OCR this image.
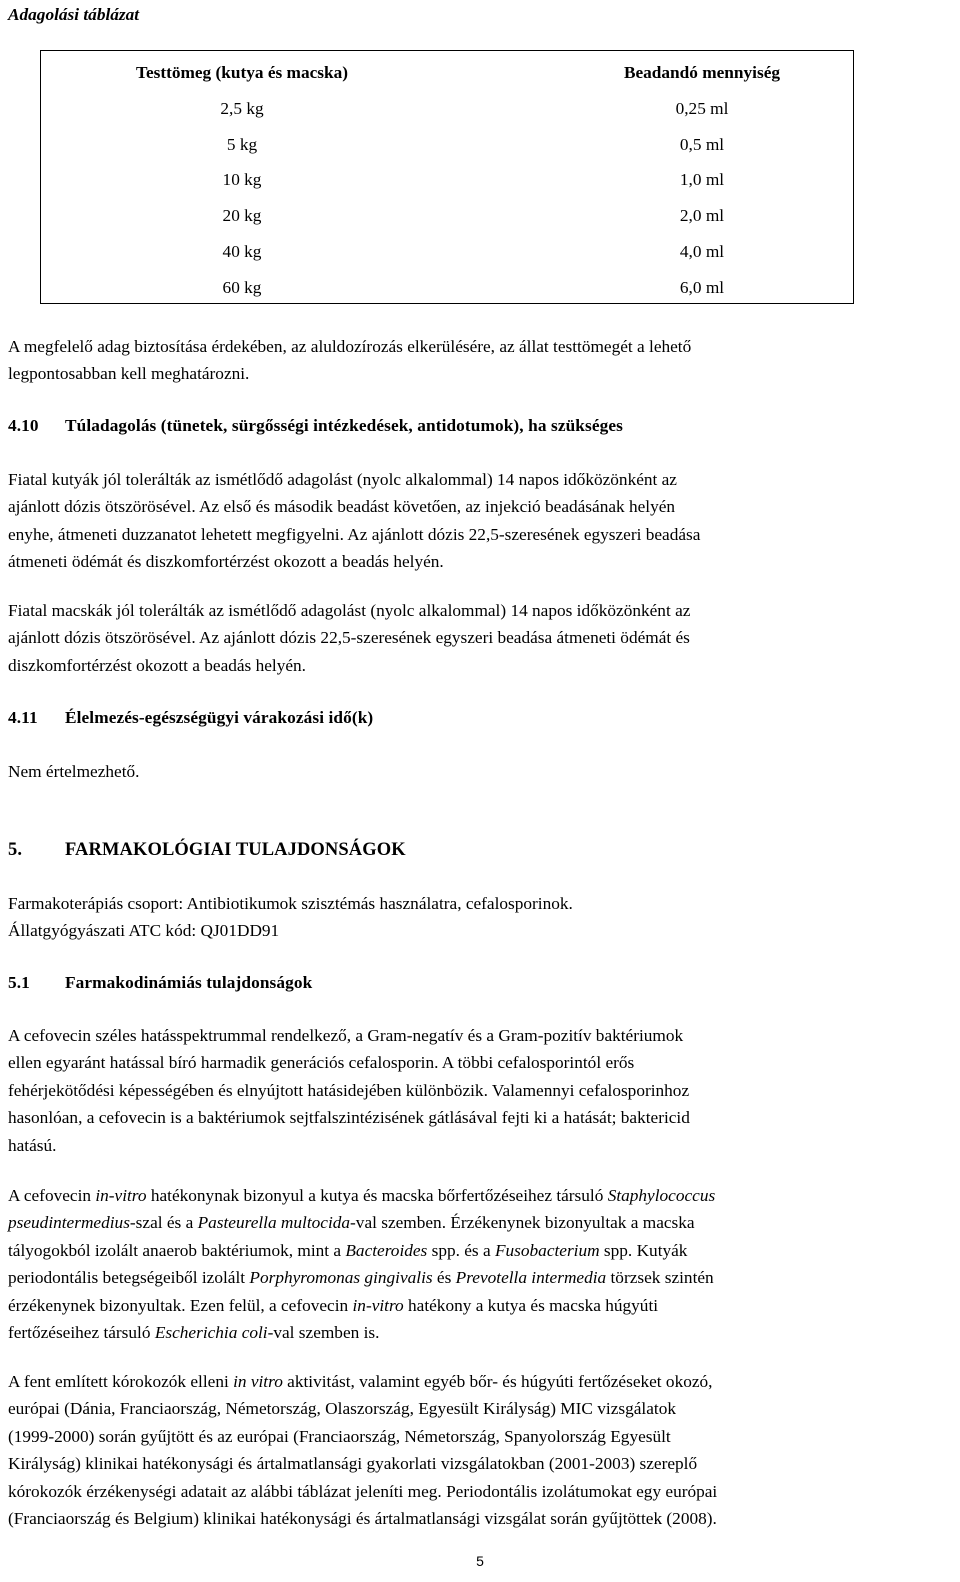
Adagolási táblázat

Testtömeg (kutya és macska)	Beadandó mennyiség
2,5 kg	0,25 ml
5 kg	0,5 ml
10 kg	1,0 ml
20 kg	2,0 ml
40 kg	4,0 ml
60 kg	6,0 ml
A megfelelő adag biztosítása érdekében, az aluldozírozás elkerülésére, az állat testtömegét a lehető
legpontosabban kell meghatározni.
4.10 Túladagolás (tünetek, sürgősségi intézkedések, antidotumok), ha szükséges
Fiatal kutyák jól tolerálták az ismétlődő adagolást (nyolc alkalommal) 14 napos időközönként az
ajánlott dózis ötszörösével. Az első és második beadást követően, az injekció beadásának helyén
enyhe, átmeneti duzzanatot lehetett megfigyelni. Az ajánlott dózis 22,5-szeresének egyszeri beadása
átmeneti ödémát és diszkomfortérzést okozott a beadás helyén.
Fiatal macskák jól tolerálták az ismétlődő adagolást (nyolc alkalommal) 14 napos időközönként az
ajánlott dózis ötszörösével. Az ajánlott dózis 22,5-szeresének egyszeri beadása átmeneti ödémát és
diszkomfortérzést okozott a beadás helyén.
4.11 Élelmezés-egészségügyi várakozási idő(k)

Nem értelmezhető.

5. FARMAKOLÓGIAI TULAJDONSÁGOK
Farmakoterápiás csoport: Antibiotikumok szisztémás használatra, cefalosporinok.
Állatgyógyászati ATC kód: QJ01DD91
5.1 Farmakodinámiás tulajdonságok
A cefovecin széles hatásspektrummal rendelkező, a Gram-negatív és a Gram-pozitív baktériumok
ellen egyaránt hatással bíró harmadik generációs cefalosporin. A többi cefalosporintól erős
fehérjekötődési képességében és elnyújtott hatásidejében különbözik. Valamennyi cefalosporinhoz
hasonlóan, a cefovecin is a baktériumok sejtfalszintézisének gátlásával fejti ki a hatását; baktericid
hatású.
A cefovecin in-vitro hatékonynak bizonyul a kutya és macska bőrfertőzéseihez társuló Staphylococcus
pseudintermedius-szal és a Pasteurella multocida-val szemben. Érzékenynek bizonyultak a macska
tályogokból izolált anaerob baktériumok, mint a Bacteroides spp. és a Fusobacterium spp. Kutyák
periodontális betegségeiből izolált Porphyromonas gingivalis és Prevotella intermedia törzsek szintén
érzékenynek bizonyultak. Ezen felül, a cefovecin in-vitro hatékony a kutya és macska húgyúti
fertőzéseihez társuló Escherichia coli-val szemben is.
A fent említett kórokozók elleni in vitro aktivitást, valamint egyéb bőr- és húgyúti fertőzéseket okozó,
európai (Dánia, Franciaország, Németország, Olaszország, Egyesült Királyság) MIC vizsgálatok
(1999-2000) során gyűjtött és az európai (Franciaország, Németország, Spanyolország Egyesült
Királyság) klinikai hatékonysági és ártalmatlansági gyakorlati vizsgálatokban (2001-2003) szereplő
kórokozók érzékenységi adatait az alábbi táblázat jeleníti meg. Periodontális izolátumokat egy európai
(Franciaország és Belgium) klinikai hatékonysági és ártalmatlansági vizsgálat során gyűjtöttek (2008).
5
